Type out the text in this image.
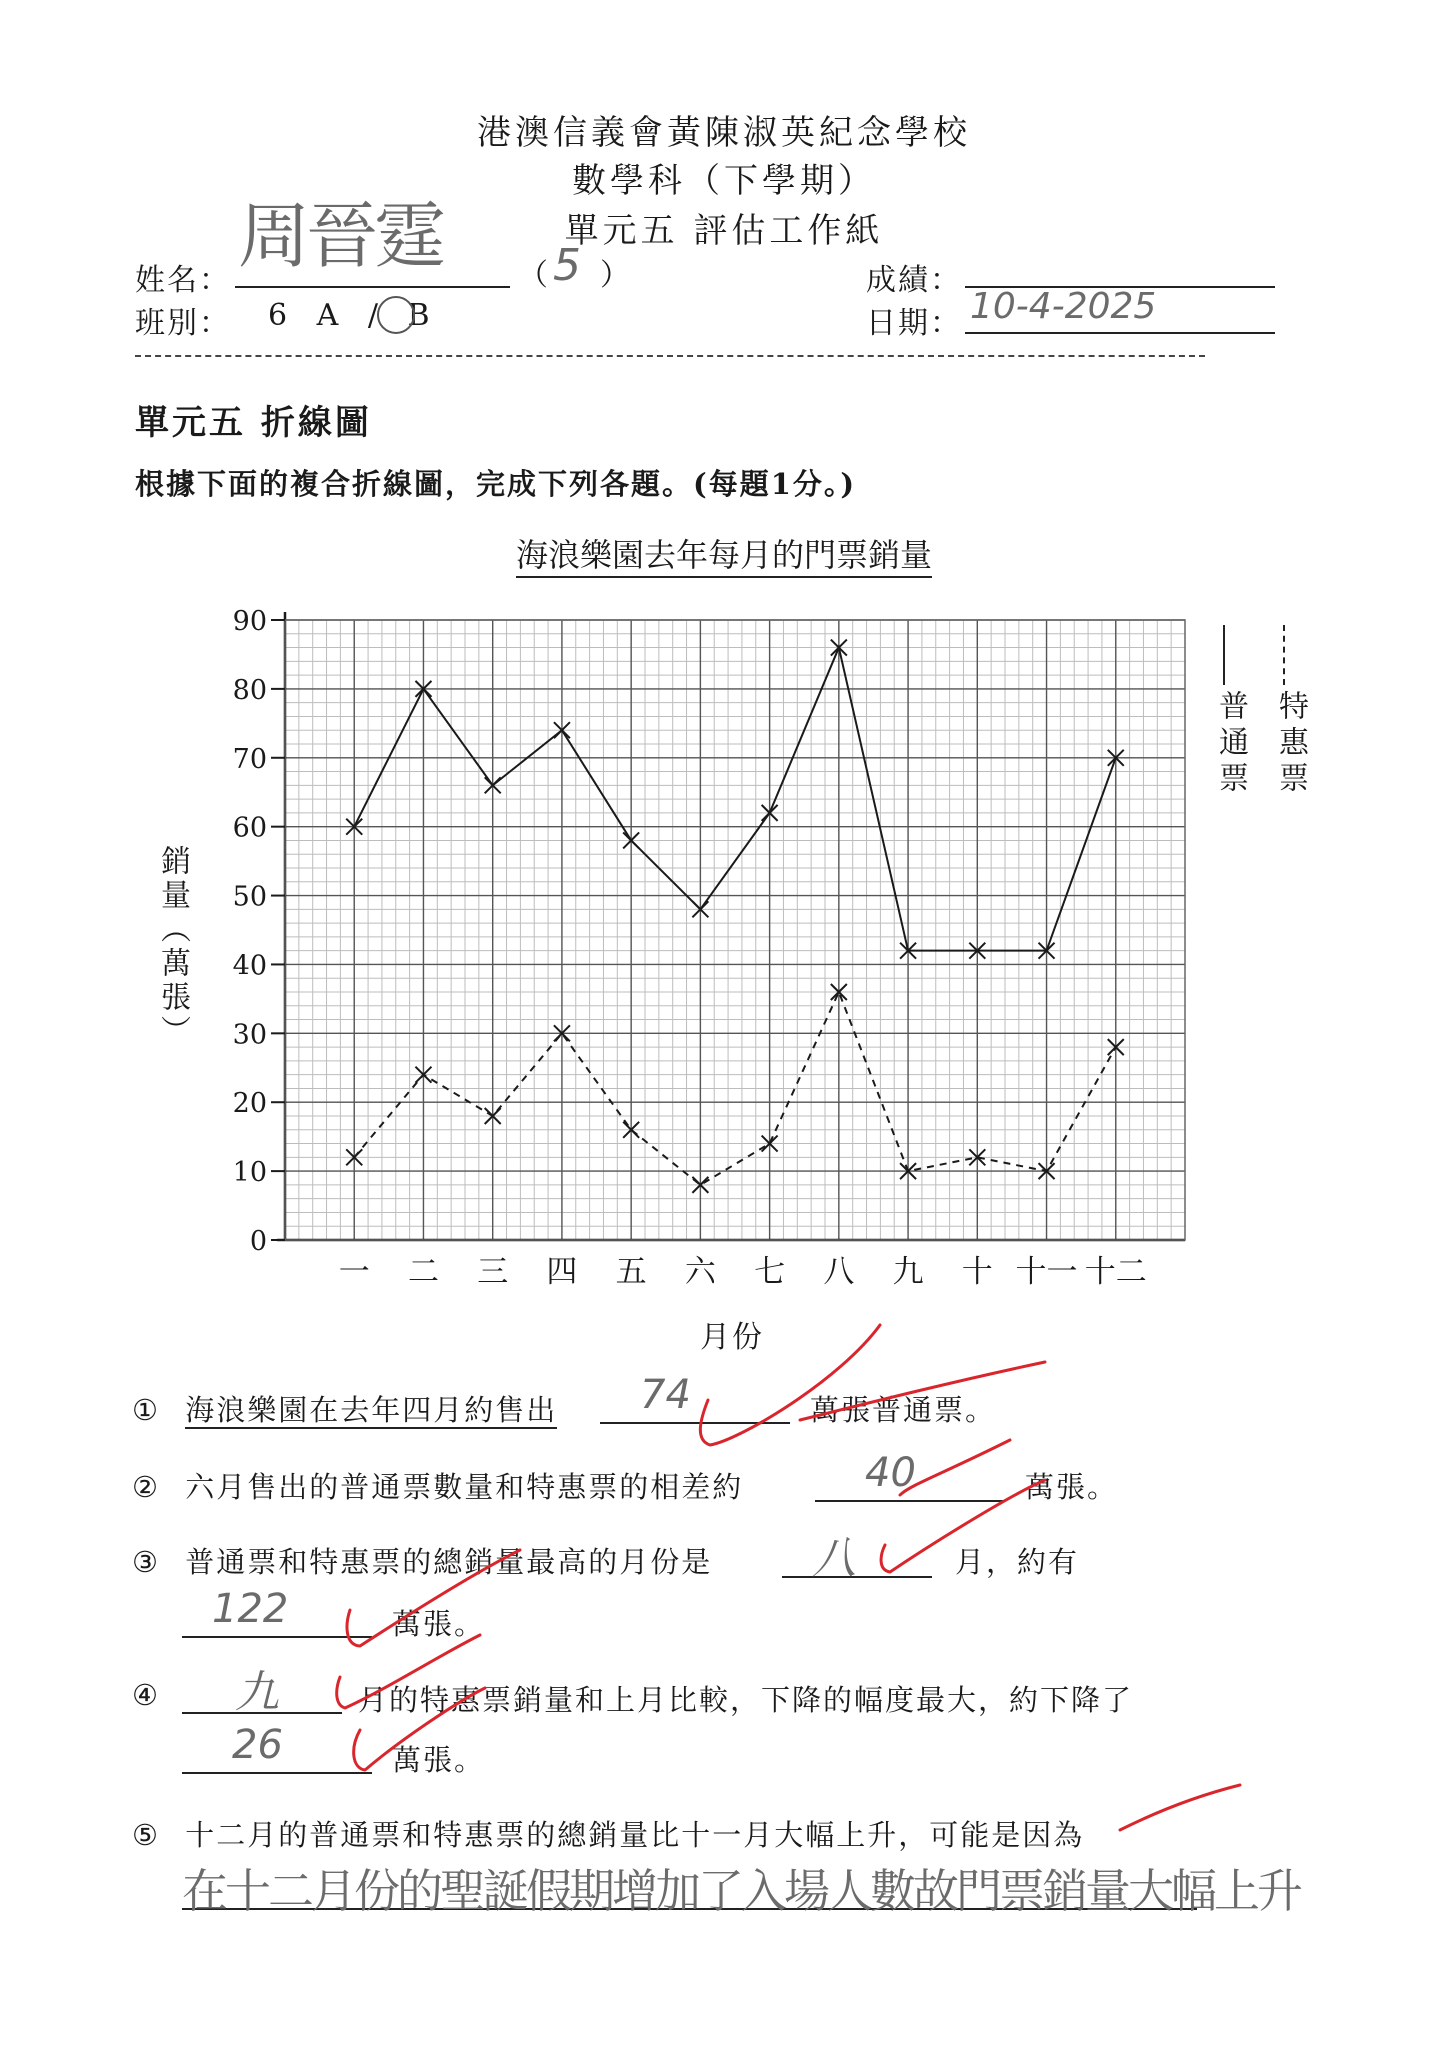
港澳信義會黃陳淑英紀念學校
數學科（下學期）
單元五 評估工作紙
姓名：
周晉霆	（ 5 ）
班別： 6 A / B
成績：
日期： 10-4-2025
單元五 折線圖
根據下面的複合折線圖，完成下列各題。(每題1分。)
海浪樂園去年每月的門票銷量
0
10
20
30
40
50
60
70
80
90
一 二 三 四 五 六 七 八 九 十 十一 十二
銷量（萬張）
月份
普通票 特惠票
① 海浪樂園在去年四月約售出 74	萬張普通票。
② 六月售出的普通票數量和特惠票的相差約	40	萬張。
③ 普通票和特惠票的總銷量最高的月份是 八	月，約有
122	萬張。
④ 九	月的特惠票銷量和上月比較，下降的幅度最大，約下降了
26	萬張。
⑤ 十二月的普通票和特惠票的總銷量比十一月大幅上升，可能是因為
在十二月份的聖誕假期增加了入場人數故門票銷量大幅上升
